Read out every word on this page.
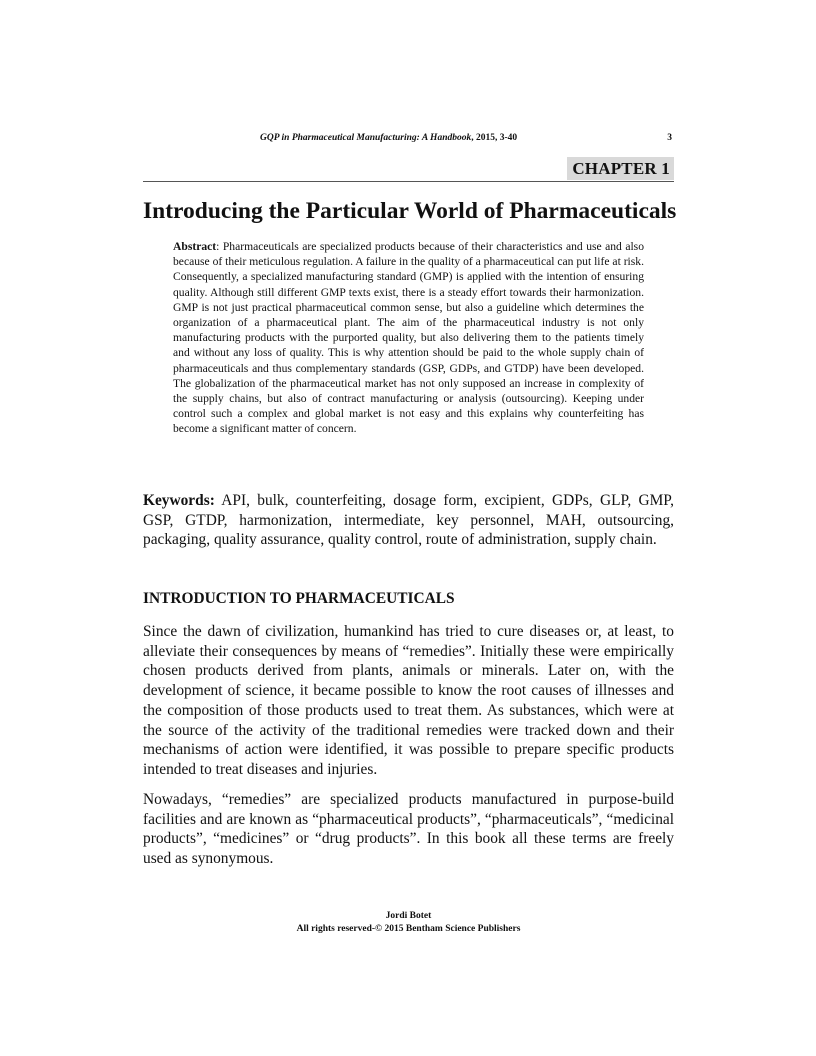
GQP in Pharmaceutical Manufacturing: A Handbook, 2015, 3-40	3
CHAPTER 1
Introducing the Particular World of Pharmaceuticals

Abstract: Pharmaceuticals are specialized products because of their characteristics and use and also because of their meticulous regulation. A failure in the quality of a pharmaceutical can put life at risk. Consequently, a specialized manufacturing standard (GMP) is applied with the intention of ensuring quality. Although still different GMP texts exist, there is a steady effort towards their harmonization. GMP is not just practical pharmaceutical common sense, but also a guideline which determines the organization of a pharmaceutical plant. The aim of the pharmaceutical industry is not only manufacturing products with the purported quality, but also delivering them to the patients timely and without any loss of quality. This is why attention should be paid to the whole supply chain of pharmaceuticals and thus complementary standards (GSP, GDPs, and GTDP) have been developed. The globalization of the pharmaceutical market has not only supposed an increase in complexity of the supply chains, but also of contract manufacturing or analysis (outsourcing). Keeping under control such a complex and global market is not easy and this explains why counterfeiting has become a significant matter of concern.

Keywords: API, bulk, counterfeiting, dosage form, excipient, GDPs, GLP, GMP, GSP, GTDP, harmonization, intermediate, key personnel, MAH, outsourcing, packaging, quality assurance, quality control, route of administration, supply chain.

INTRODUCTION TO PHARMACEUTICALS

Since the dawn of civilization, humankind has tried to cure diseases or, at least, to alleviate their consequences by means of “remedies”. Initially these were empirically chosen products derived from plants, animals or minerals. Later on, with the development of science, it became possible to know the root causes of illnesses and the composition of those products used to treat them. As substances, which were at the source of the activity of the traditional remedies were tracked down and their mechanisms of action were identified, it was possible to prepare specific products intended to treat diseases and injuries.

Nowadays, “remedies” are specialized products manufactured in purpose-build facilities and are known as “pharmaceutical products”, “pharmaceuticals”, “medicinal products”, “medicines” or “drug products”. In this book all these terms are freely used as synonymous.

Jordi Botet
All rights reserved-© 2015 Bentham Science Publishers
